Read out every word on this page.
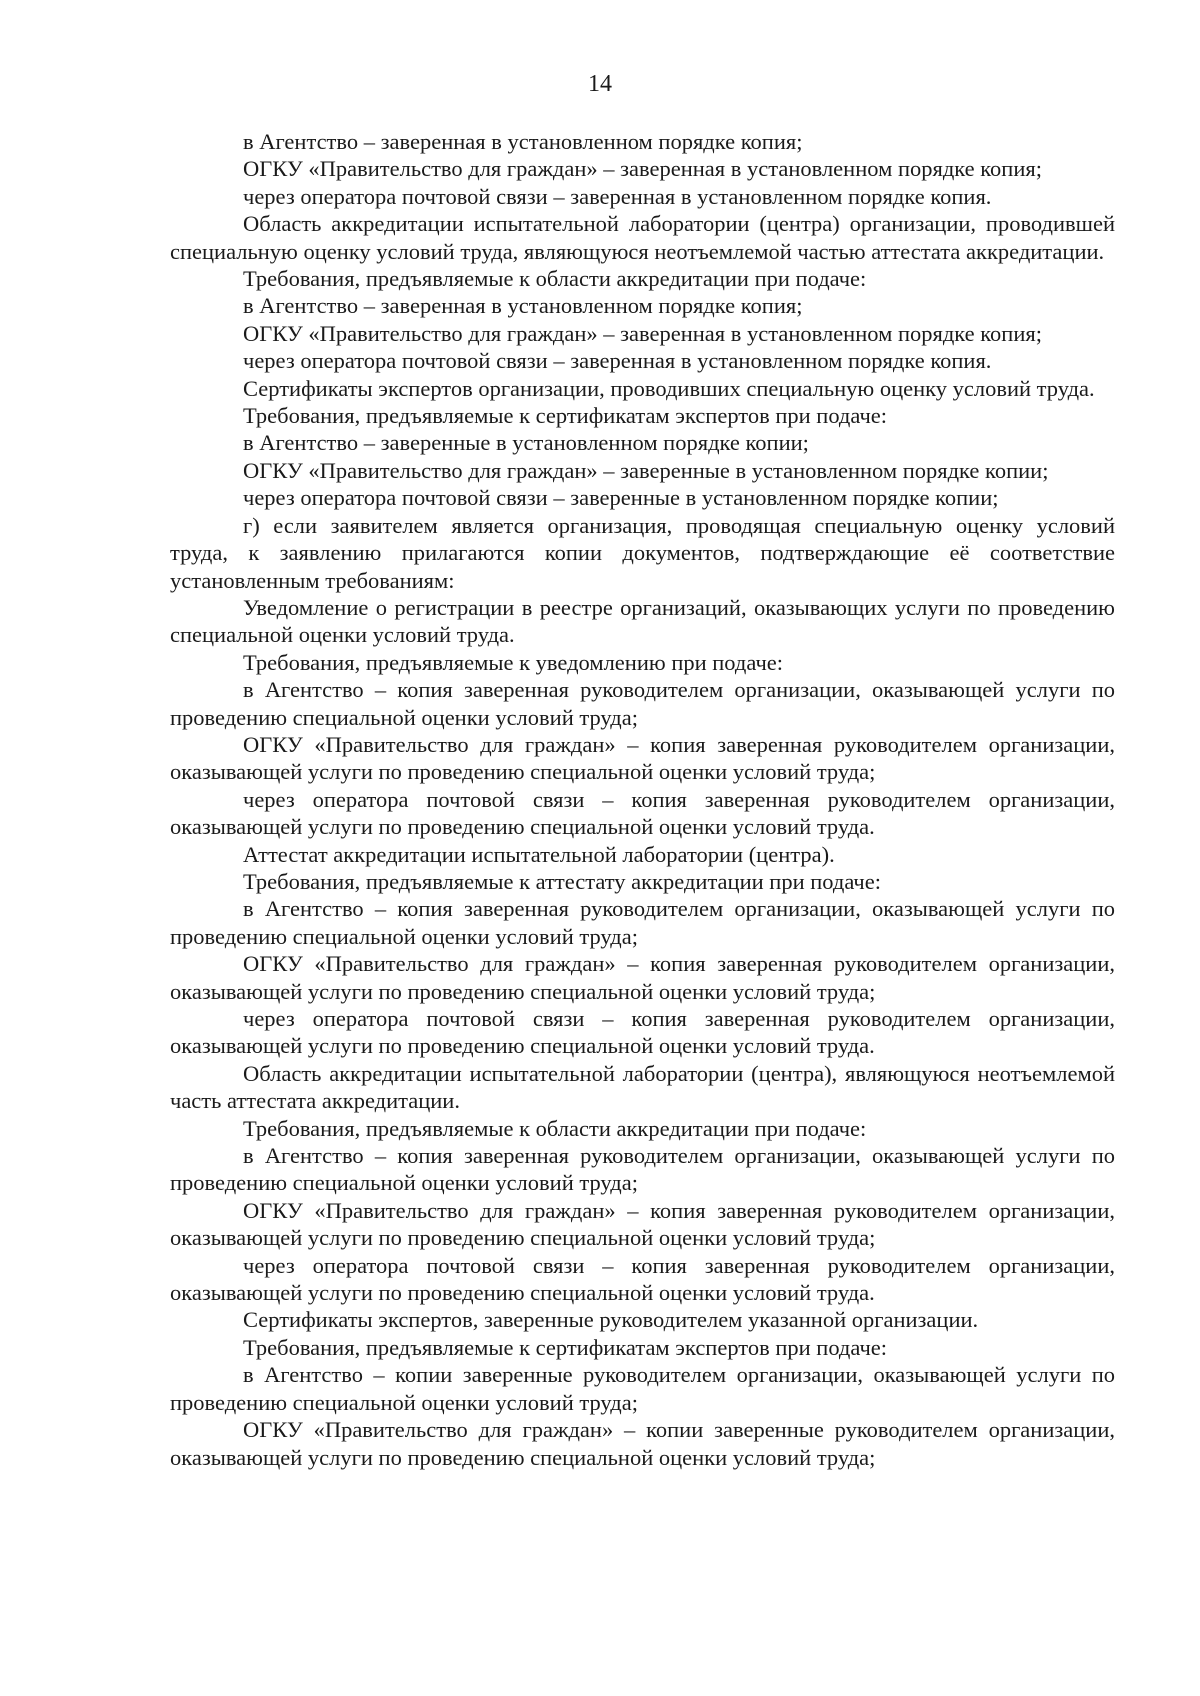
14

в Агентство – заверенная в установленном порядке копия;

ОГКУ «Правительство для граждан» – заверенная в установленном порядке копия;

через оператора почтовой связи – заверенная в установленном порядке копия.

Область аккредитации испытательной лаборатории (центра) организации, проводившей специальную оценку условий труда, являющуюся неотъемлемой частью аттестата аккредитации.

Требования, предъявляемые к области аккредитации при подаче:

в Агентство – заверенная в установленном порядке копия;

ОГКУ «Правительство для граждан» – заверенная в установленном порядке копия;

через оператора почтовой связи – заверенная в установленном порядке копия.

Сертификаты экспертов организации, проводивших специальную оценку условий труда.

Требования, предъявляемые к сертификатам экспертов при подаче:

в Агентство – заверенные в установленном порядке копии;

ОГКУ «Правительство для граждан» – заверенные в установленном порядке копии;

через оператора почтовой связи – заверенные в установленном порядке копии;

г) если заявителем является организация, проводящая специальную оценку условий труда, к заявлению прилагаются копии документов, подтверждающие её соответствие установленным требованиям:

Уведомление о регистрации в реестре организаций, оказывающих услуги по проведению специальной оценки условий труда.

Требования, предъявляемые к уведомлению при подаче:

в Агентство – копия заверенная руководителем организации, оказывающей услуги по проведению специальной оценки условий труда;

ОГКУ «Правительство для граждан» – копия заверенная руководителем организации, оказывающей услуги по проведению специальной оценки условий труда;

через оператора почтовой связи – копия заверенная руководителем организации, оказывающей услуги по проведению специальной оценки условий труда.

Аттестат аккредитации испытательной лаборатории (центра).

Требования, предъявляемые к аттестату аккредитации при подаче:

в Агентство – копия заверенная руководителем организации, оказывающей услуги по проведению специальной оценки условий труда;

ОГКУ «Правительство для граждан» – копия заверенная руководителем организации, оказывающей услуги по проведению специальной оценки условий труда;

через оператора почтовой связи – копия заверенная руководителем организации, оказывающей услуги по проведению специальной оценки условий труда.

Область аккредитации испытательной лаборатории (центра), являющуюся неотъемлемой часть аттестата аккредитации.

Требования, предъявляемые к области аккредитации при подаче:

в Агентство – копия заверенная руководителем организации, оказывающей услуги по проведению специальной оценки условий труда;

ОГКУ «Правительство для граждан» – копия заверенная руководителем организации, оказывающей услуги по проведению специальной оценки условий труда;

через оператора почтовой связи – копия заверенная руководителем организации, оказывающей услуги по проведению специальной оценки условий труда.

Сертификаты экспертов, заверенные руководителем указанной организации.

Требования, предъявляемые к сертификатам экспертов при подаче:

в Агентство – копии заверенные руководителем организации, оказывающей услуги по проведению специальной оценки условий труда;

ОГКУ «Правительство для граждан» – копии заверенные руководителем организации, оказывающей услуги по проведению специальной оценки условий труда;
